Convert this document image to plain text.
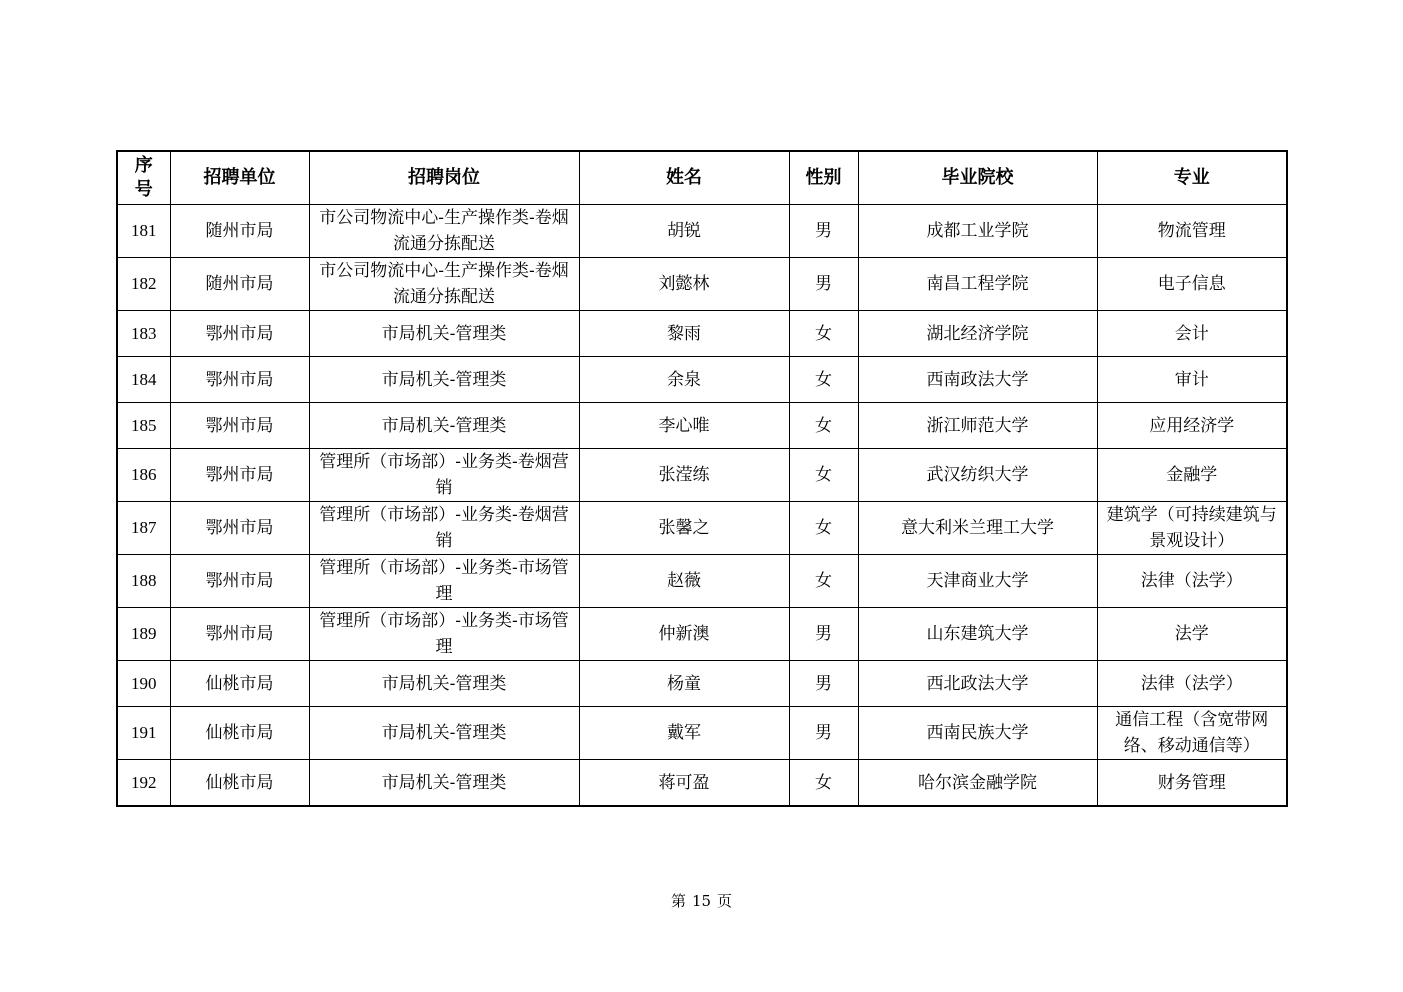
序号	招聘单位	招聘岗位	姓名	性别	毕业院校	专业
181	随州市局	市公司物流中心-生产操作类-卷烟流通分拣配送	胡锐	男	成都工业学院	物流管理
182	随州市局	市公司物流中心-生产操作类-卷烟流通分拣配送	刘懿林	男	南昌工程学院	电子信息
183	鄂州市局	市局机关-管理类	黎雨	女	湖北经济学院	会计
184	鄂州市局	市局机关-管理类	余泉	女	西南政法大学	审计
185	鄂州市局	市局机关-管理类	李心唯	女	浙江师范大学	应用经济学
186	鄂州市局	管理所（市场部）-业务类-卷烟营销	张滢练	女	武汉纺织大学	金融学
187	鄂州市局	管理所（市场部）-业务类-卷烟营销	张馨之	女	意大利米兰理工大学	建筑学（可持续建筑与景观设计）
188	鄂州市局	管理所（市场部）-业务类-市场管理	赵薇	女	天津商业大学	法律（法学）
189	鄂州市局	管理所（市场部）-业务类-市场管理	仲新澳	男	山东建筑大学	法学
190	仙桃市局	市局机关-管理类	杨童	男	西北政法大学	法律（法学）
191	仙桃市局	市局机关-管理类	戴军	男	西南民族大学	通信工程（含宽带网络、移动通信等）
192	仙桃市局	市局机关-管理类	蒋可盈	女	哈尔滨金融学院	财务管理
第 15 页
